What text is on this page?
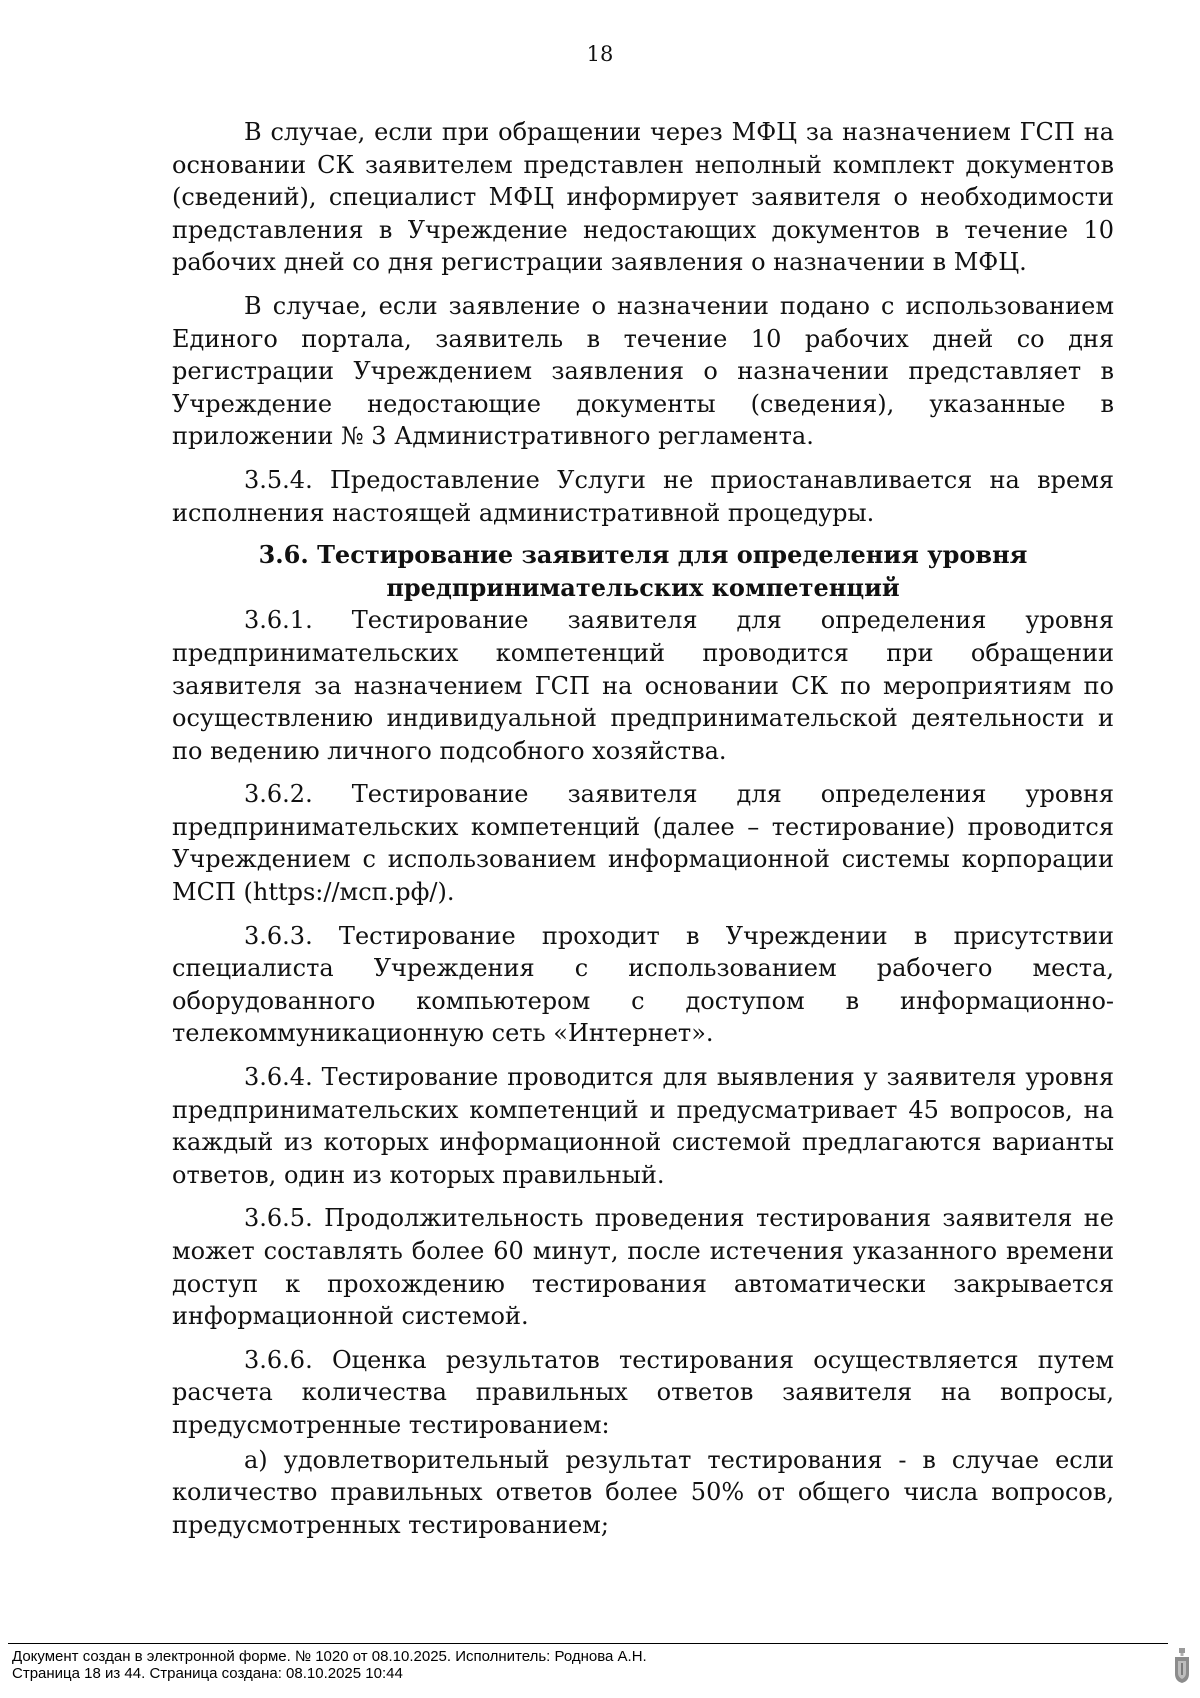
18

В случае, если при обращении через МФЦ за назначением ГСП на основании СК заявителем представлен неполный комплект документов (сведений), специалист МФЦ информирует заявителя о необходимости представления в Учреждение недостающих документов в течение 10 рабочих дней со дня регистрации заявления о назначении в МФЦ.

В случае, если заявление о назначении подано с использованием Единого портала, заявитель в течение 10 рабочих дней со дня регистрации Учреждением заявления о назначении представляет в Учреждение недостающие документы (сведения), указанные в приложении № 3 Административного регламента.

3.5.4. Предоставление Услуги не приостанавливается на время исполнения настоящей административной процедуры.

3.6. Тестирование заявителя для определения уровня
предпринимательских компетенций

3.6.1. Тестирование заявителя для определения уровня предпринимательских компетенций проводится при обращении заявителя за назначением ГСП на основании СК по мероприятиям по осуществлению индивидуальной предпринимательской деятельности и по ведению личного подсобного хозяйства.

3.6.2. Тестирование заявителя для определения уровня предпринимательских компетенций (далее – тестирование) проводится Учреждением с использованием информационной системы корпорации МСП (https://мсп.рф/).

3.6.3. Тестирование проходит в Учреждении в присутствии специалиста Учреждения с использованием рабочего места, оборудованного компьютером с доступом в информационно-телекоммуникационную сеть «Интернет».

3.6.4. Тестирование проводится для выявления у заявителя уровня предпринимательских компетенций и предусматривает 45 вопросов, на каждый из которых информационной системой предлагаются варианты ответов, один из которых правильный.

3.6.5. Продолжительность проведения тестирования заявителя не может составлять более 60 минут, после истечения указанного времени доступ к прохождению тестирования автоматически закрывается информационной системой.

3.6.6. Оценка результатов тестирования осуществляется путем расчета количества правильных ответов заявителя на вопросы, предусмотренные тестированием:

а) удовлетворительный результат тестирования - в случае если количество правильных ответов более 50% от общего числа вопросов, предусмотренных тестированием;

Документ создан в электронной форме. № 1020 от 08.10.2025. Исполнитель: Роднова А.Н.
Страница 18 из 44. Страница создана: 08.10.2025 10:44
